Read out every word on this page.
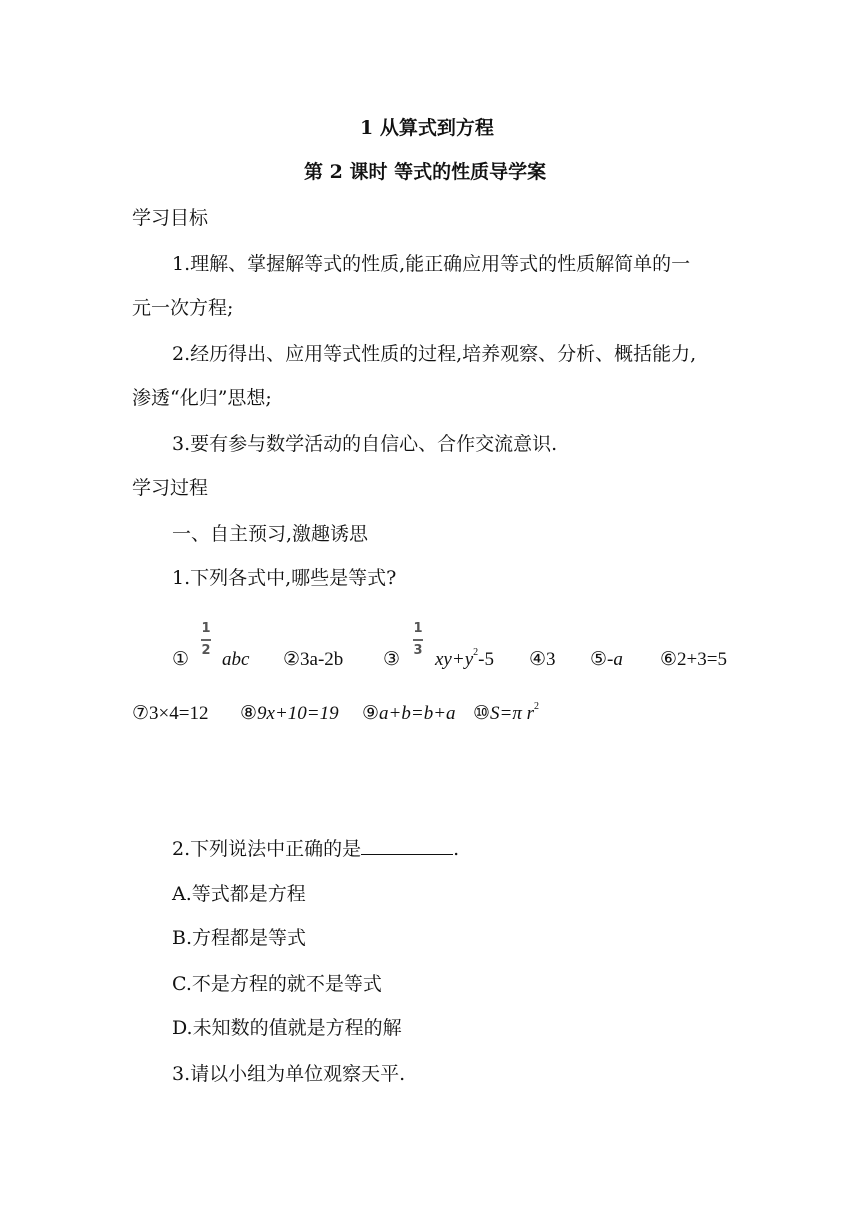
1 从算式到方程
第 2 课时 等式的性质导学案
学习目标
1.理解、掌握解等式的性质,能正确应用等式的性质解简单的一
元一次方程;
2.经历得出、应用等式性质的过程,培养观察、分析、概括能力,
渗透“化归”思想;
3.要有参与数学活动的自信心、合作交流意识.
学习过程
一、自主预习,激趣诱思
1.下列各式中,哪些是等式?
① $\frac{1}{2}$ abc ②3a-2b ③ $\frac{1}{3} xy+y^2-5$ ④3 ⑤-a ⑥2+3=5
⑦3×4=12 ⑧9x+10=19 ⑨a+b=b+a ⑩S=π $r^2$
2.下列说法中正确的是	.
A.等式都是方程
B.方程都是等式
C.不是方程的就不是等式
D.未知数的值就是方程的解
3.请以小组为单位观察天平.
